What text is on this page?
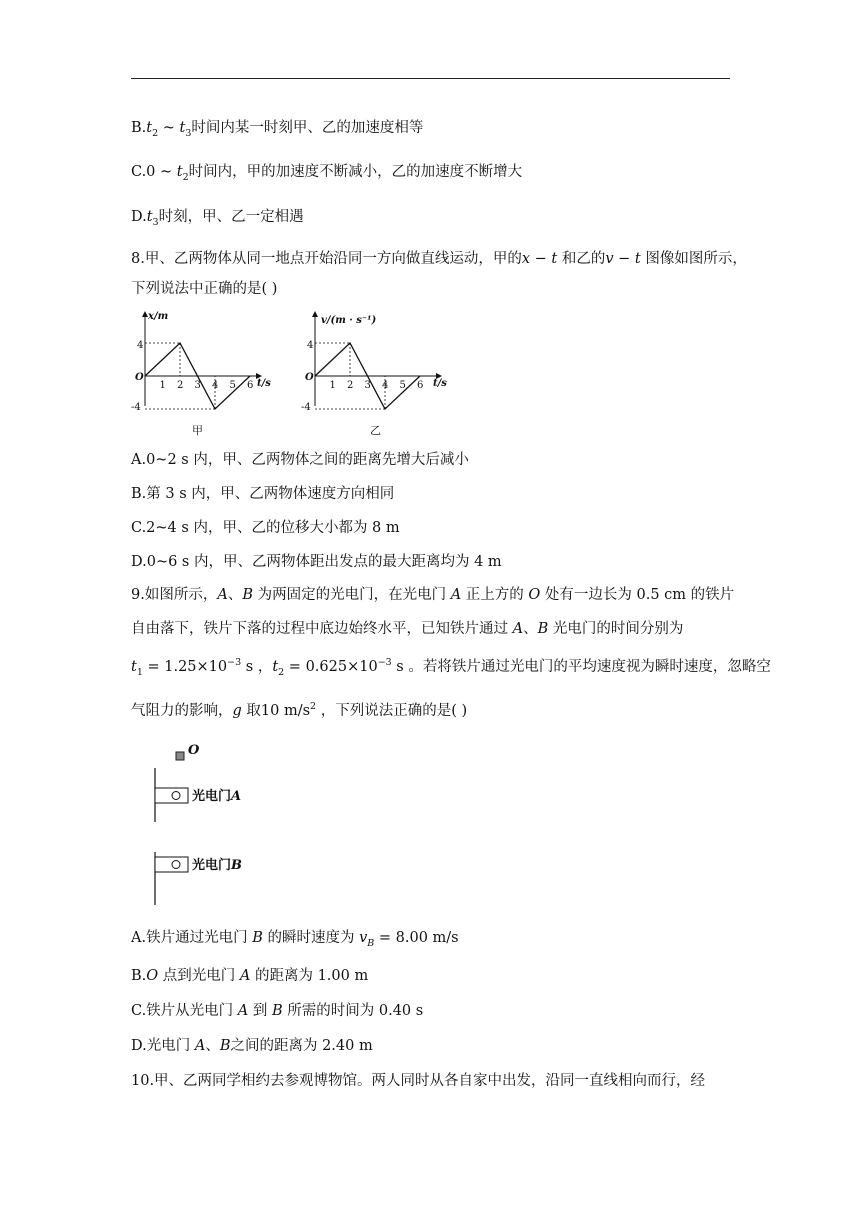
$B.t_2$ ~ $t_3$时间内某一时刻甲、乙的加速度相等
C.0 ~ $t_2$时间内，甲的加速度不断减小，乙的加速度不断增大
$D.t_3$时刻，甲、乙一定相遇
8.甲、乙两物体从同一地点开始沿同一方向做直线运动，甲的x − t 和乙的v − t 图像如图所示，
下列说法中正确的是( )
x/m
t/s
O
4
-4
1 2 3 4 5 6
甲
v/(m · s⁻¹)
t/s
O
4
-4
1 2 3 4 5 6
乙
A.0~2 s 内，甲、乙两物体之间的距离先增大后减小
B.第 3 s 内，甲、乙两物体速度方向相同
C.2~4 s 内，甲、乙的位移大小都为 8 m
D.0~6 s 内，甲、乙两物体距出发点的最大距离均为 4 m
9.如图所示，A、B 为两固定的光电门，在光电门 A 正上方的 O 处有一边长为 0.5 cm 的铁片
自由落下，铁片下落的过程中底边始终水平，已知铁片通过 A、B 光电门的时间分别为
$t_1 = 1.25\times 10^{-3}$ s ，$t_2 = 0.625\times 10^{-3}$ s 。若将铁片通过光电门的平均速度视为瞬时速度，忽略空
气阻力的影响，g 取10 $m/s^2$ ，下列说法正确的是( )
O
光电门A
光电门B
A.铁片通过光电门 B 的瞬时速度为 $v_B = 8.00$ m/s
B.O 点到光电门 A 的距离为 1.00 m
C.铁片从光电门 A 到 B 所需的时间为 0.40 s
D.光电门 A、B之间的距离为 2.40 m
10.甲、乙两同学相约去参观博物馆。两人同时从各自家中出发，沿同一直线相向而行，经
